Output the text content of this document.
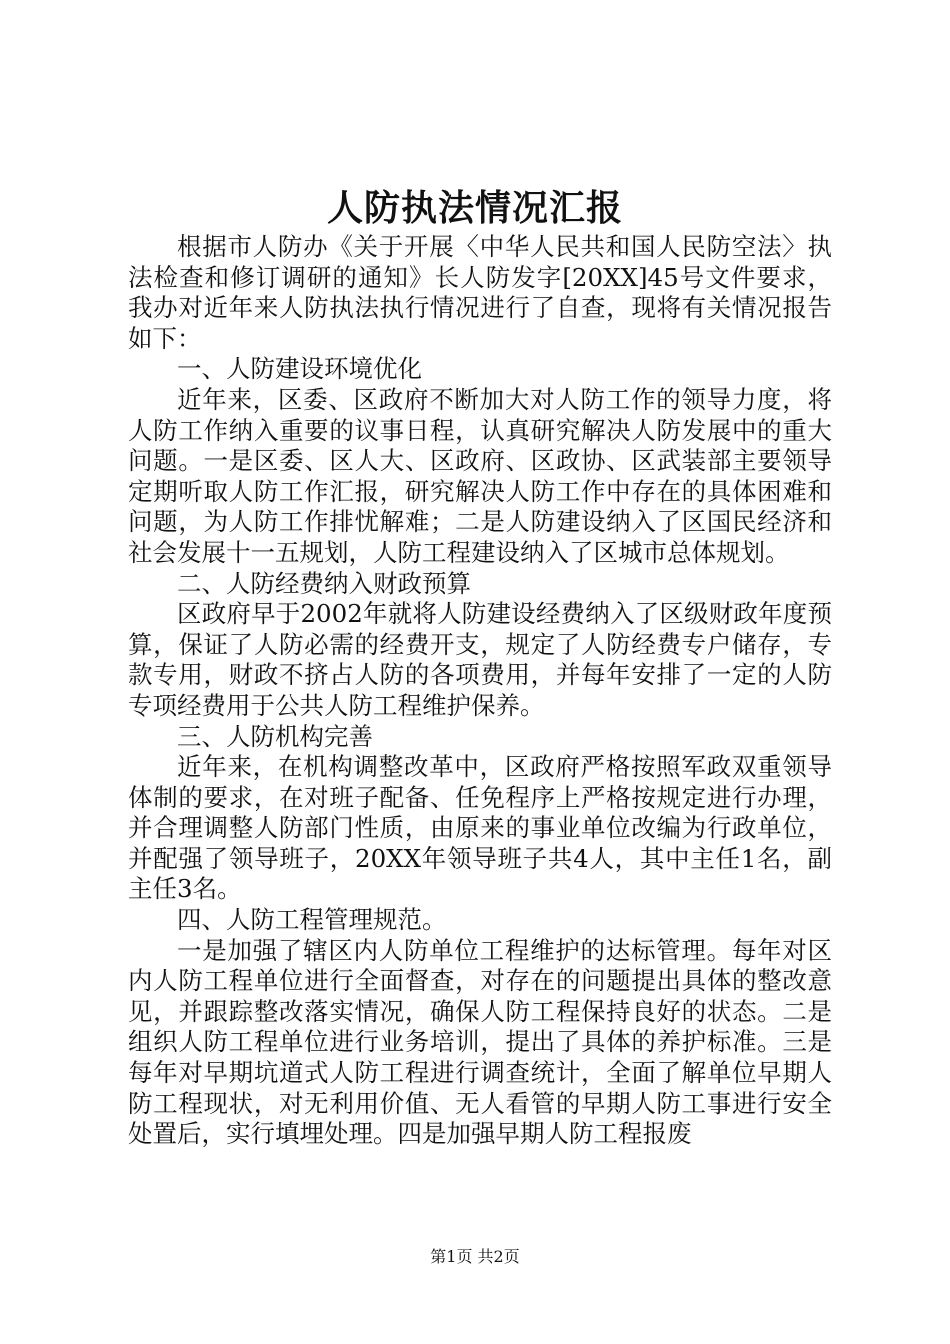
人防执法情况汇报

根据市人防办《关于开展〈中华人民共和国人民防空法〉执法检查和修订调研的通知》长人防发字[20XX]45号文件要求，我办对近年来人防执法执行情况进行了自查，现将有关情况报告如下：

一、人防建设环境优化

近年来，区委、区政府不断加大对人防工作的领导力度，将人防工作纳入重要的议事日程，认真研究解决人防发展中的重大问题。一是区委、区人大、区政府、区政协、区武装部主要领导定期听取人防工作汇报，研究解决人防工作中存在的具体困难和问题，为人防工作排忧解难；二是人防建设纳入了区国民经济和社会发展十一五规划，人防工程建设纳入了区城市总体规划。

二、人防经费纳入财政预算

区政府早于2002年就将人防建设经费纳入了区级财政年度预算，保证了人防必需的经费开支，规定了人防经费专户储存，专款专用，财政不挤占人防的各项费用，并每年安排了一定的人防专项经费用于公共人防工程维护保养。

三、人防机构完善

近年来，在机构调整改革中，区政府严格按照军政双重领导体制的要求，在对班子配备、任免程序上严格按规定进行办理，并合理调整人防部门性质，由原来的事业单位改编为行政单位，并配强了领导班子，20XX年领导班子共4人，其中主任1名，副主任3名。

四、人防工程管理规范。

一是加强了辖区内人防单位工程维护的达标管理。每年对区内人防工程单位进行全面督查，对存在的问题提出具体的整改意见，并跟踪整改落实情况，确保人防工程保持良好的状态。二是组织人防工程单位进行业务培训，提出了具体的养护标准。三是每年对早期坑道式人防工程进行调查统计，全面了解单位早期人防工程现状，对无利用价值、无人看管的早期人防工事进行安全处置后，实行填埋处理。四是加强早期人防工程报废

第1页 共2页
